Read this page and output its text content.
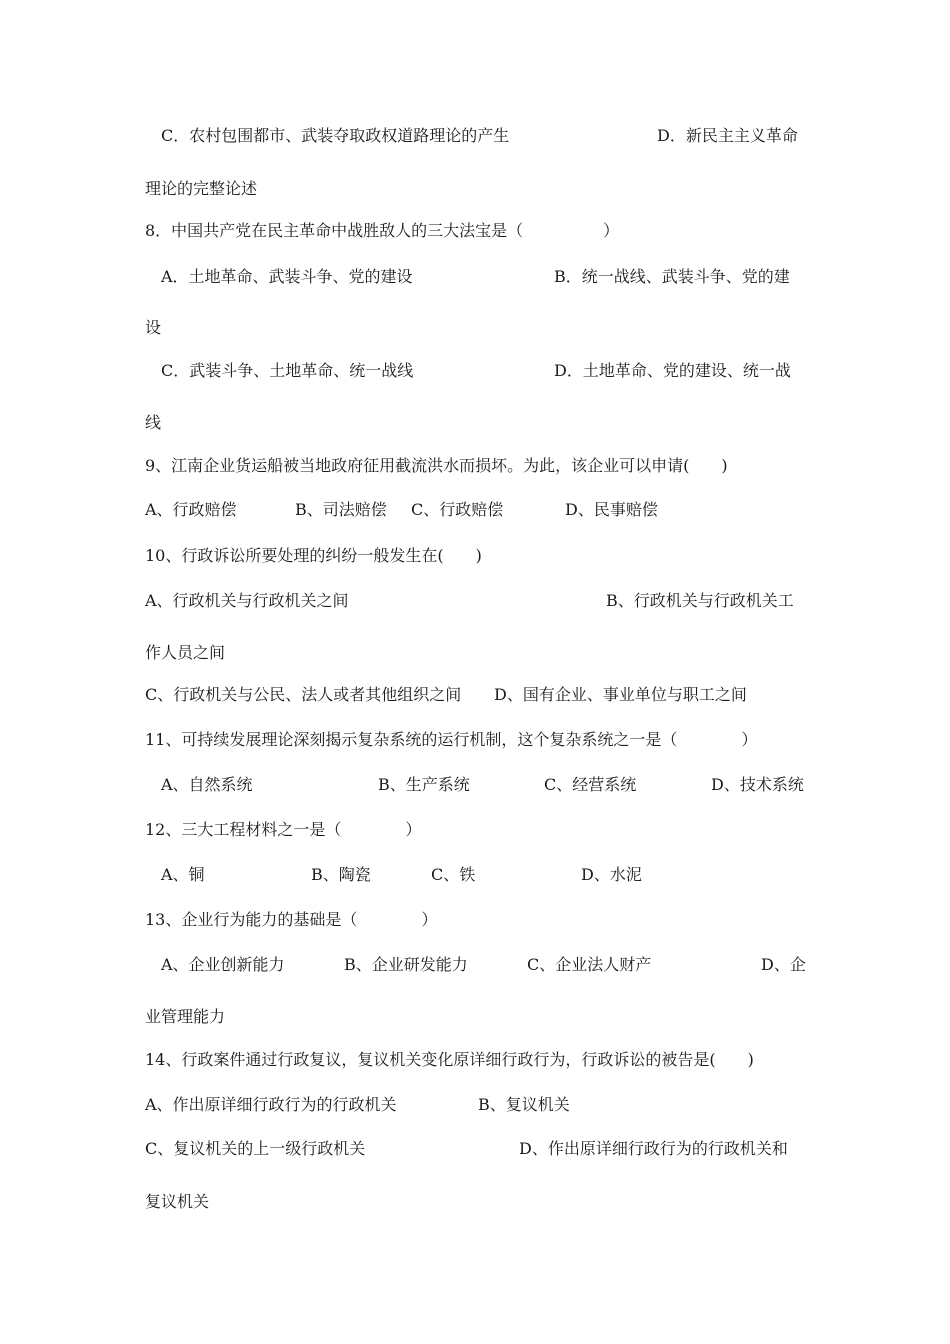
C．农村包围都市、武装夺取政权道路理论的产生	D．新民主主义革命
理论的完整论述
8．中国共产党在民主革命中战胜敌人的三大法宝是（　　　　　）
A．土地革命、武装斗争、党的建设	B．统一战线、武装斗争、党的建
设
C．武装斗争、土地革命、统一战线	D．土地革命、党的建设、统一战
线
9、江南企业货运船被当地政府征用截流洪水而损坏。为此，该企业可以申请(　　)
A、行政赔偿	B、司法赔偿 C、行政赔偿	D、民事赔偿
10、行政诉讼所要处理的纠纷一般发生在(　　)
A、行政机关与行政机关之间	B、行政机关与行政机关工
作人员之间
C、行政机关与公民、法人或者其他组织之间 D、国有企业、事业单位与职工之间
11、可持续发展理论深刻揭示复杂系统的运行机制，这个复杂系统之一是（　　　　）
A、自然系统	B、生产系统	C、经营系统	D、技术系统
12、三大工程材料之一是（　　　　）
A、铜	B、陶瓷	C、铁	D、水泥
13、企业行为能力的基础是（　　　　）
A、企业创新能力	B、企业研发能力	C、企业法人财产	D、企
业管理能力
14、行政案件通过行政复议，复议机关变化原详细行政行为，行政诉讼的被告是(　　)
A、作出原详细行政行为的行政机关	B、复议机关
C、复议机关的上一级行政机关	D、作出原详细行政行为的行政机关和
复议机关
